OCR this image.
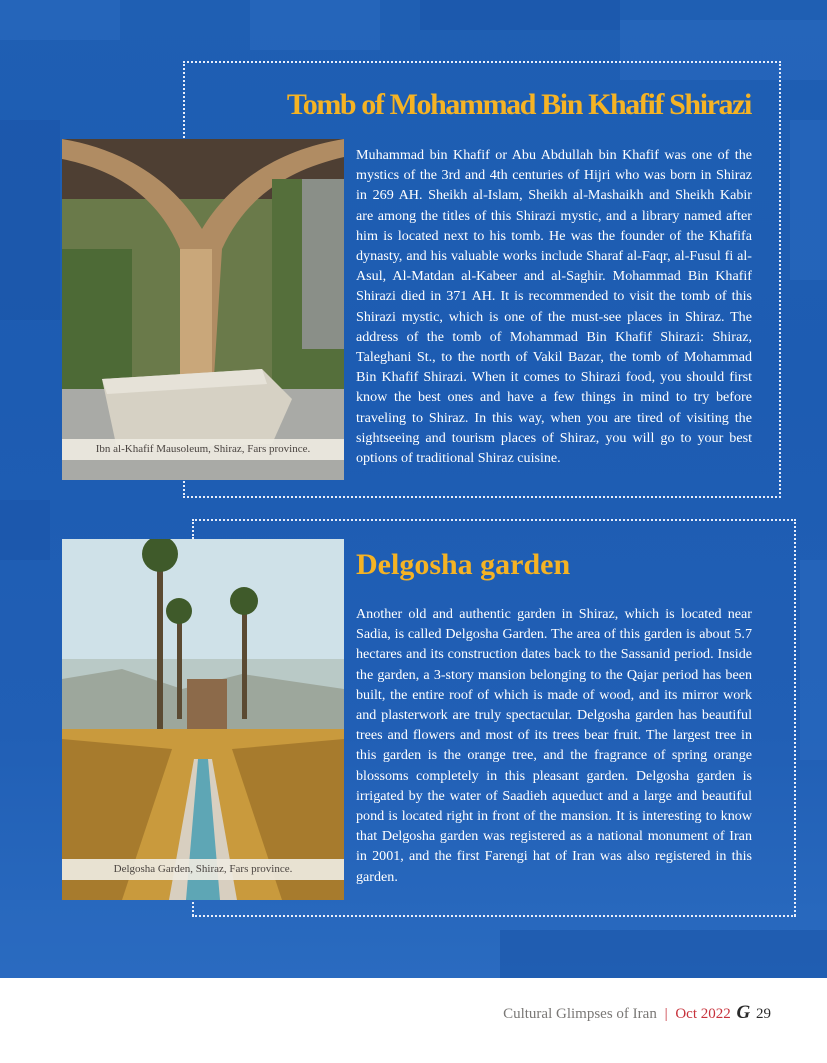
Tomb of Mohammad Bin Khafif Shirazi
Ibn al-Khafif Mausoleum, Shiraz, Fars province.
Muhammad bin Khafif or Abu Abdullah bin Khafif was one of the mystics of the 3rd and 4th centuries of Hijri who was born in Shiraz in 269 AH. Sheikh al-Islam, Sheikh al-Mashaikh and Sheikh Kabir are among the titles of this Shirazi mystic, and a library named after him is located next to his tomb. He was the founder of the Khafifa dynasty, and his valuable works include Sharaf al-Faqr, al-Fusul fi al-Asul, Al-Matdan al-Kabeer and al-Saghir. Mohammad Bin Khafif Shirazi died in 371 AH. It is recommended to visit the tomb of this Shirazi mystic, which is one of the must-see places in Shiraz. The address of the tomb of Mohammad Bin Khafif Shirazi: Shiraz, Taleghani St., to the north of Vakil Bazar, the tomb of Mohammad Bin Khafif Shirazi. When it comes to Shirazi food, you should first know the best ones and have a few things in mind to try before traveling to Shiraz. In this way, when you are tired of visiting the sightseeing and tourism places of Shiraz, you will go to your best options of traditional Shiraz cuisine.
Delgosha Garden, Shiraz, Fars province.
Delgosha garden
Another old and authentic garden in Shiraz, which is located near Sadia, is called Delgosha Garden. The area of this garden is about 5.7 hectares and its construction dates back to the Sassanid period. Inside the garden, a 3-story mansion belonging to the Qajar period has been built, the entire roof of which is made of wood, and its mirror work and plasterwork are truly spectacular. Delgosha garden has beautiful trees and flowers and most of its trees bear fruit. The largest tree in this garden is the orange tree, and the fragrance of spring orange blossoms completely in this pleasant garden. Delgosha garden is irrigated by the water of Saadieh aqueduct and a large and beautiful pond is located right in front of the mansion. It is interesting to know that Delgosha garden was registered as a national monument of Iran in 2001, and the first Farengi hat of Iran was also registered in this garden.
Cultural Glimpses of Iran | Oct 2022 G 29
